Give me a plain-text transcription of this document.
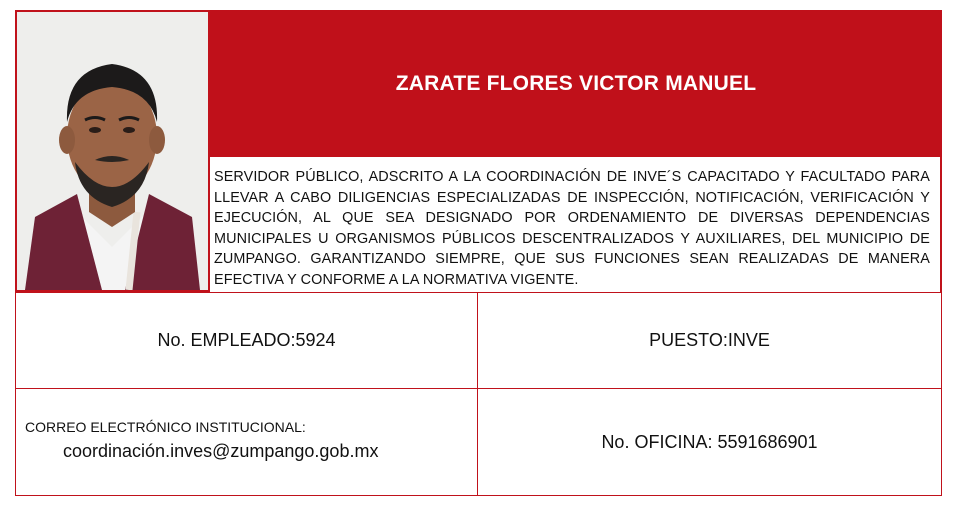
ZARATE FLORES VICTOR MANUEL

SERVIDOR PÚBLICO, ADSCRITO A LA COORDINACIÓN DE INVE´S CAPACITADO Y FACULTADO PARA LLEVAR A CABO DILIGENCIAS ESPECIALIZADAS DE INSPECCIÓN, NOTIFICACIÓN, VERIFICACIÓN Y EJECUCIÓN, AL QUE SEA DESIGNADO POR ORDENAMIENTO DE DIVERSAS DEPENDENCIAS MUNICIPALES U ORGANISMOS PÚBLICOS DESCENTRALIZADOS Y AUXILIARES, DEL MUNICIPIO DE ZUMPANGO. GARANTIZANDO SIEMPRE, QUE SUS FUNCIONES SEAN REALIZADAS DE MANERA EFECTIVA Y CONFORME A LA NORMATIVA VIGENTE.

No. EMPLEADO:5924	PUESTO:INVE
CORREO ELECTRÓNICO INSTITUCIONAL:
coordinación.inves@zumpango.gob.mx	No. OFICINA: 5591686901
